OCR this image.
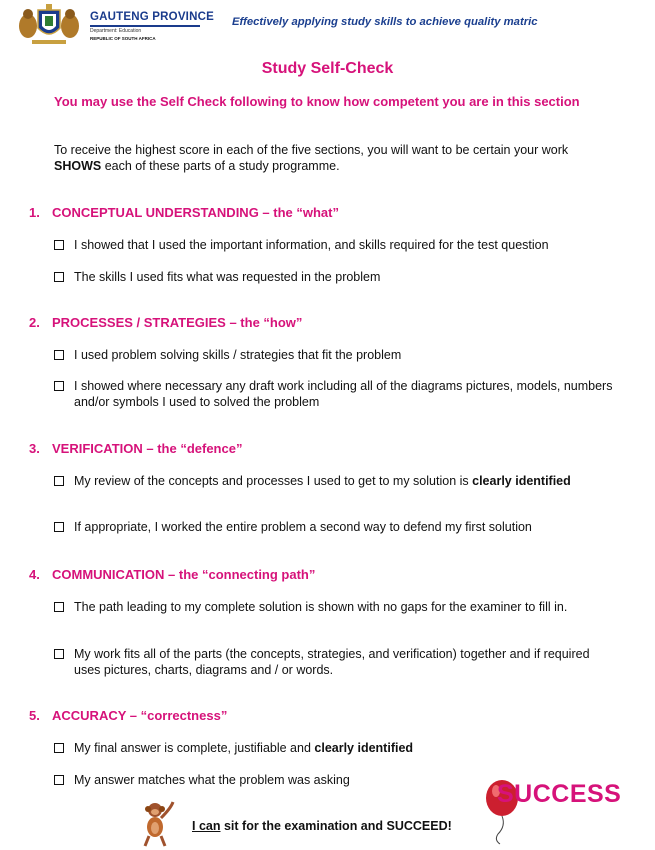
GAUTENG PROVINCE
Department: Education
REPUBLIC OF SOUTH AFRICA
Effectively applying study skills to achieve quality matric
Study Self-Check
You may use the Self Check following to know how competent you are in this section
To receive the highest score in each of the five sections, you will want to be certain your work SHOWS each of these parts of a study programme.
1. CONCEPTUAL UNDERSTANDING – the “what”
I showed that I used the important information, and skills required for the test question
The skills I used fits what was requested in the problem
2. PROCESSES / STRATEGIES – the “how”
I used problem solving skills / strategies that fit the problem
I showed where necessary any draft work including all of the diagrams pictures, models, numbers and/or symbols I used to solved the problem
3. VERIFICATION – the “defence”
My review of the concepts and processes I used to get to my solution is clearly identified
If appropriate, I worked the entire problem a second way to defend my first solution
4. COMMUNICATION – the “connecting path”
The path leading to my complete solution is shown with no gaps for the examiner to fill in.
My work fits all of the parts (the concepts, strategies, and verification) together and if required uses pictures, charts, diagrams and / or words.
5. ACCURACY – “correctness”
My final answer is complete, justifiable and clearly identified
My answer matches what the problem was asking
I can sit for the examination and SUCCEED!
SUCCESS
